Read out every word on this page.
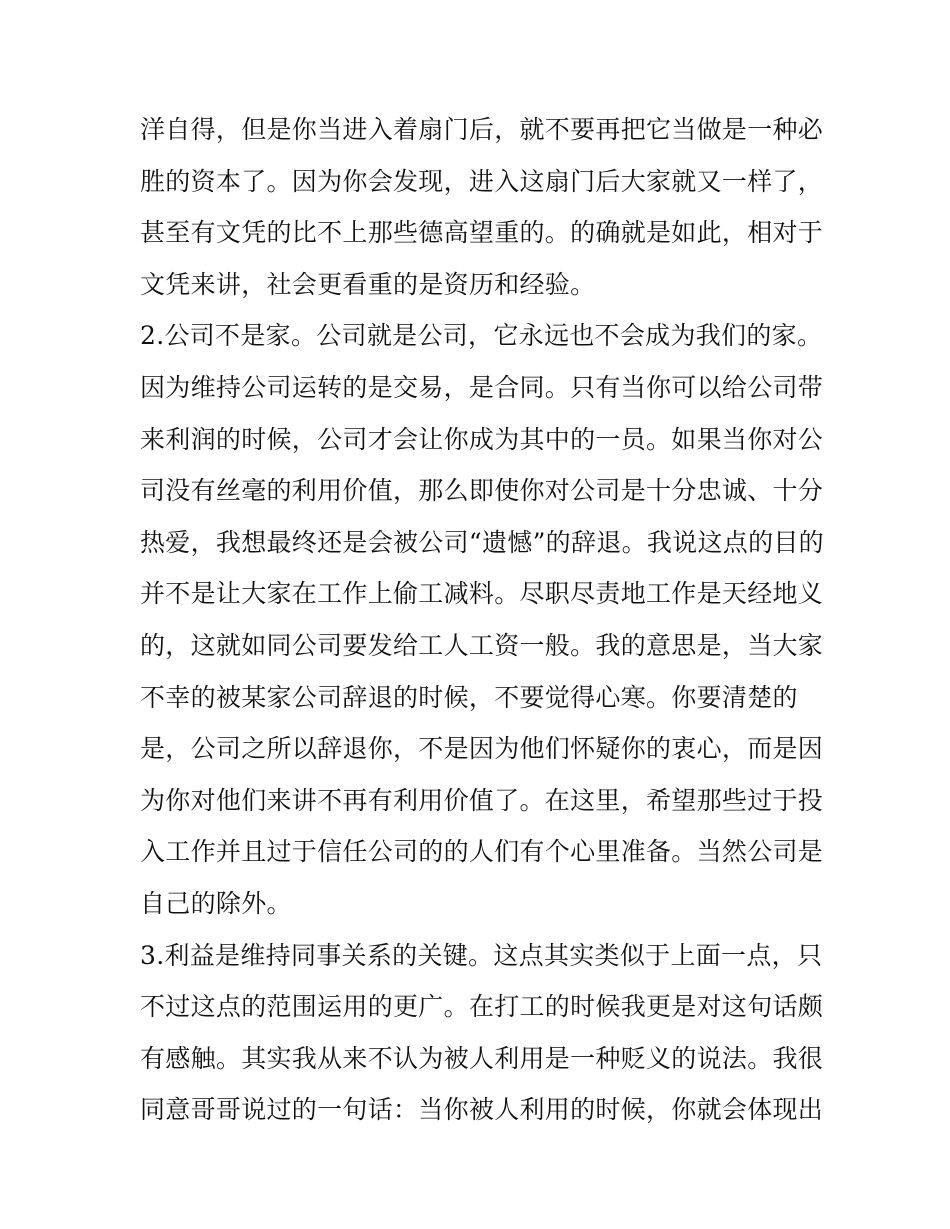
洋自得，但是你当进入着扇门后，就不要再把它当做是一种必
胜的资本了。因为你会发现，进入这扇门后大家就又一样了，
甚至有文凭的比不上那些德高望重的。的确就是如此，相对于
文凭来讲，社会更看重的是资历和经验。
2.公司不是家。公司就是公司，它永远也不会成为我们的家。
因为维持公司运转的是交易，是合同。只有当你可以给公司带
来利润的时候，公司才会让你成为其中的一员。如果当你对公
司没有丝毫的利用价值，那么即使你对公司是十分忠诚、十分
热爱，我想最终还是会被公司“遗憾”的辞退。我说这点的目的
并不是让大家在工作上偷工减料。尽职尽责地工作是天经地义
的，这就如同公司要发给工人工资一般。我的意思是，当大家
不幸的被某家公司辞退的时候，不要觉得心寒。你要清楚的
是，公司之所以辞退你，不是因为他们怀疑你的衷心，而是因
为你对他们来讲不再有利用价值了。在这里，希望那些过于投
入工作并且过于信任公司的的人们有个心里准备。当然公司是
自己的除外。
3.利益是维持同事关系的关键。这点其实类似于上面一点，只
不过这点的范围运用的更广。在打工的时候我更是对这句话颇
有感触。其实我从来不认为被人利用是一种贬义的说法。我很
同意哥哥说过的一句话：当你被人利用的时候，你就会体现出
